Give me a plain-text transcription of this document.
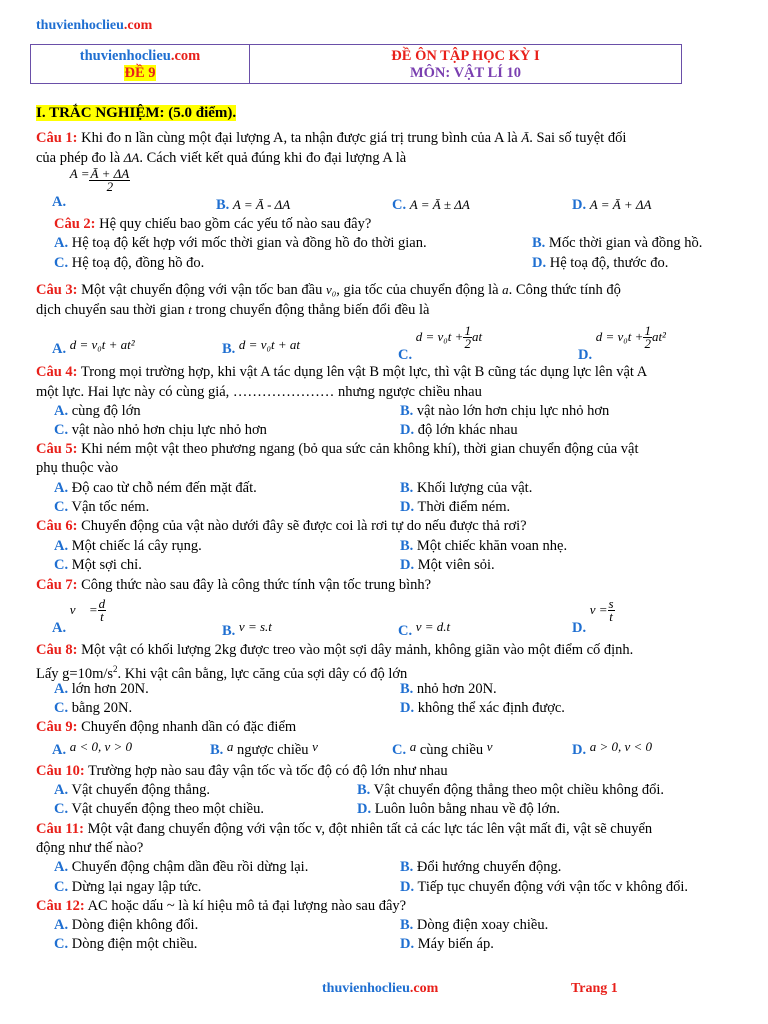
thuvienhoclieu.com
thuvienhoclieu.com
ĐỀ 9
ĐỀ ÔN TẬP HỌC KỲ I
MÔN: VẬT LÍ 10
I. TRẮC NGHIỆM: (5.0 điểm).
Câu 1: Khi đo n lần cùng một đại lượng A, ta nhận được giá trị trung bình của A là Ā. Sai số tuyệt đối
của phép đo là ΔA. Cách viết kết quả đúng khi đo đại lượng A là
A. $A = \frac{Ā + \Delta A}{2}$
B. A = Ā - ΔA	C. A = Ā ± ΔA	D. A = Ā + ΔA
Câu 2: Hệ quy chiếu bao gồm các yếu tố nào sau đây?
A. Hệ toạ độ kết hợp với mốc thời gian và đồng hồ đo thời gian.	B. Mốc thời gian và đồng hồ.
C. Hệ toạ độ, đồng hồ đo.	D. Hệ toạ độ, thước đo.
Câu 3: Một vật chuyển động với vận tốc ban đầu v₀, gia tốc của chuyển động là a. Công thức tính độ
dịch chuyển sau thời gian t trong chuyển động thẳng biến đổi đều là
A. d = v₀t + at²	B. d = v₀t + at
C. $d = v_0t + \frac{1}{2}at$
D. $d = v_0t + \frac{1}{2}at^2$
Câu 4: Trong mọi trường hợp, khi vật A tác dụng lên vật B một lực, thì vật B cũng tác dụng lực lên vật A
một lực. Hai lực này có cùng giá, ………………… nhưng ngược chiều nhau
A. cùng độ lớn	B. vật nào lớn hơn chịu lực nhỏ hơn
C. vật nào nhỏ hơn chịu lực nhỏ hơn	D. độ lớn khác nhau
Câu 5: Khi ném một vật theo phương ngang (bỏ qua sức cản không khí), thời gian chuyển động của vật
phụ thuộc vào
A. Độ cao từ chỗ ném đến mặt đất.	B. Khối lượng của vật.
C. Vận tốc ném.	D. Thời điểm ném.
Câu 6: Chuyển động của vật nào dưới đây sẽ được coi là rơi tự do nếu được thả rơi?
A. Một chiếc lá cây rụng.	B. Một chiếc khăn voan nhẹ.
C. Một sợi chỉ.	D. Một viên sỏi.
Câu 7: Công thức nào sau đây là công thức tính vận tốc trung bình?
A. v⃗ = $\frac{d}{t}$
B. v = s.t	C. v = d.t	D. $v = \frac{s}{t}$
Câu 8: Một vật có khối lượng 2kg được treo vào một sợi dây mảnh, không giãn vào một điểm cố định.
Lấy $g=10m/s^2$. Khi vật cân bằng, lực căng của sợi dây có độ lớn
A. lớn hơn 20N.	B. nhỏ hơn 20N.
C. bằng 20N.	D. không thể xác định được.
Câu 9: Chuyển động nhanh dần có đặc điểm
A. a < 0, v > 0	B. a ngược chiều v	C. a cùng chiều v	D. a > 0, v < 0
Câu 10: Trường hợp nào sau đây vận tốc và tốc độ có độ lớn như nhau
A. Vật chuyển động thẳng.	B. Vật chuyển động thẳng theo một chiều không đổi.
C. Vật chuyển động theo một chiều.	D. Luôn luôn bằng nhau về độ lớn.
Câu 11: Một vật đang chuyển động với vận tốc v, đột nhiên tất cả các lực tác lên vật mất đi, vật sẽ chuyển
động như thế nào?
A. Chuyển động chậm dần đều rồi dừng lại.	B. Đổi hướng chuyển động.
C. Dừng lại ngay lập tức.	D. Tiếp tục chuyển động với vận tốc v không đổi.
Câu 12: AC hoặc dấu ~ là kí hiệu mô tả đại lượng nào sau đây?
A. Dòng điện không đổi.	B. Dòng điện xoay chiều.
C. Dòng điện một chiều.	D. Máy biến áp.
thuvienhoclieu.com	Trang 1
